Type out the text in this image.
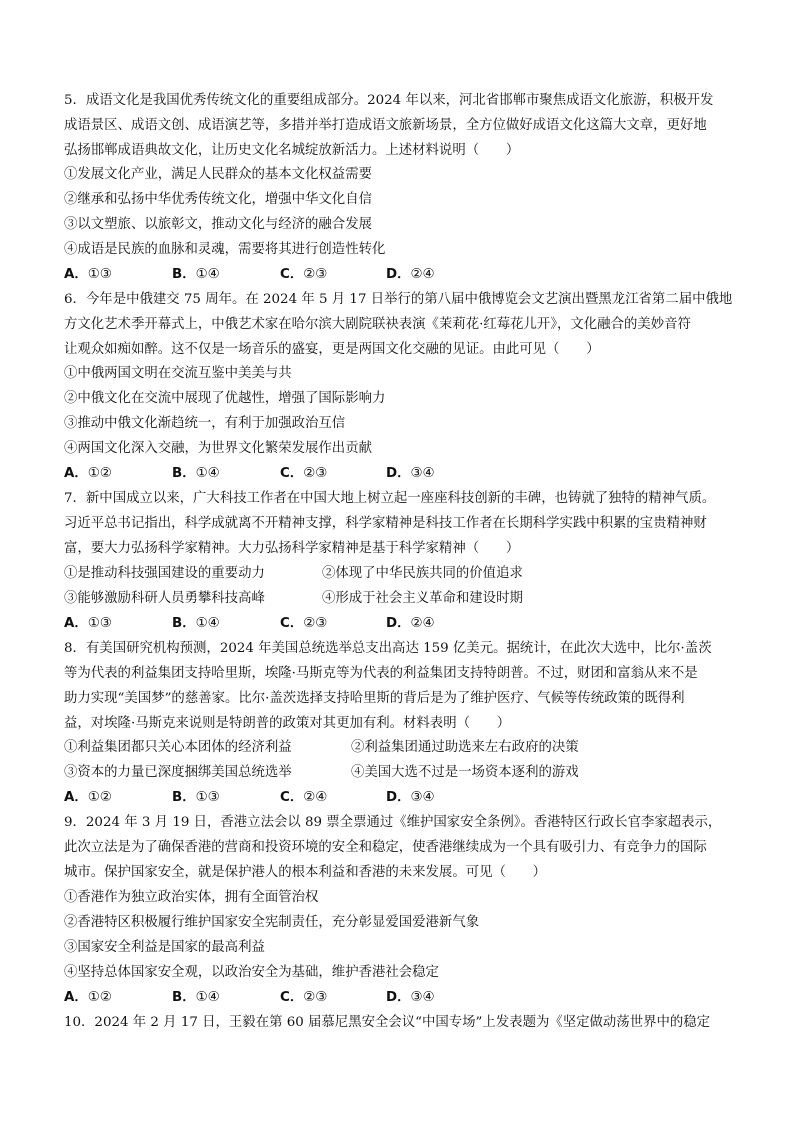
5．成语文化是我国优秀传统文化的重要组成部分。2024 年以来，河北省邯郸市聚焦成语文化旅游，积极开发
成语景区、成语文创、成语演艺等，多措并举打造成语文旅新场景，全方位做好成语文化这篇大文章，更好地
弘扬邯郸成语典故文化，让历史文化名城绽放新活力。上述材料说明（　　）
①发展文化产业，满足人民群众的基本文化权益需要
②继承和弘扬中华优秀传统文化，增强中华文化自信
③以文塑旅、以旅彰文，推动文化与经济的融合发展
④成语是民族的血脉和灵魂，需要将其进行创造性转化
A．①③	B．①④	C．②③	D．②④
6．今年是中俄建交 75 周年。在 2024 年 5 月 17 日举行的第八届中俄博览会文艺演出暨黑龙江省第二届中俄地
方文化艺术季开幕式上，中俄艺术家在哈尔滨大剧院联袂表演《茉莉花·红莓花儿开》，文化融合的美妙音符
让观众如痴如醉。这不仅是一场音乐的盛宴，更是两国文化交融的见证。由此可见（　　）
①中俄两国文明在交流互鉴中美美与共
②中俄文化在交流中展现了优越性，增强了国际影响力
③推动中俄文化渐趋统一，有利于加强政治互信
④两国文化深入交融，为世界文化繁荣发展作出贡献
A．①②	B．①④	C．②③	D．③④
7．新中国成立以来，广大科技工作者在中国大地上树立起一座座科技创新的丰碑，也铸就了独特的精神气质。
习近平总书记指出，科学成就离不开精神支撑，科学家精神是科技工作者在长期科学实践中积累的宝贵精神财
富，要大力弘扬科学家精神。大力弘扬科学家精神是基于科学家精神（　　）
①是推动科技强国建设的重要动力	②体现了中华民族共同的价值追求
③能够激励科研人员勇攀科技高峰	④形成于社会主义革命和建设时期
A．①③	B．①④	C．②③	D．②④
8．有美国研究机构预测，2024 年美国总统选举总支出高达 159 亿美元。据统计，在此次大选中，比尔·盖茨
等为代表的利益集团支持哈里斯，埃隆·马斯克等为代表的利益集团支持特朗普。不过，财团和富翁从来不是
助力实现“美国梦”的慈善家。比尔·盖茨选择支持哈里斯的背后是为了维护医疗、气候等传统政策的既得利
益，对埃隆·马斯克来说则是特朗普的政策对其更加有利。材料表明（　　）
①利益集团都只关心本团体的经济利益	②利益集团通过助选来左右政府的决策
③资本的力量已深度捆绑美国总统选举	④美国大选不过是一场资本逐利的游戏
A．①②	B．①③	C．②④	D．③④
9．2024 年 3 月 19 日，香港立法会以 89 票全票通过《维护国家安全条例》。香港特区行政长官李家超表示，
此次立法是为了确保香港的营商和投资环境的安全和稳定，使香港继续成为一个具有吸引力、有竞争力的国际
城市。保护国家安全，就是保护港人的根本利益和香港的未来发展。可见（　　）
①香港作为独立政治实体，拥有全面管治权
②香港特区积极履行维护国家安全宪制责任，充分彰显爱国爱港新气象
③国家安全利益是国家的最高利益
④坚持总体国家安全观，以政治安全为基础，维护香港社会稳定
A．①②	B．①④	C．②③	D．③④
10．2024 年 2 月 17 日，王毅在第 60 届慕尼黑安全会议“中国专场”上发表题为《坚定做动荡世界中的稳定
